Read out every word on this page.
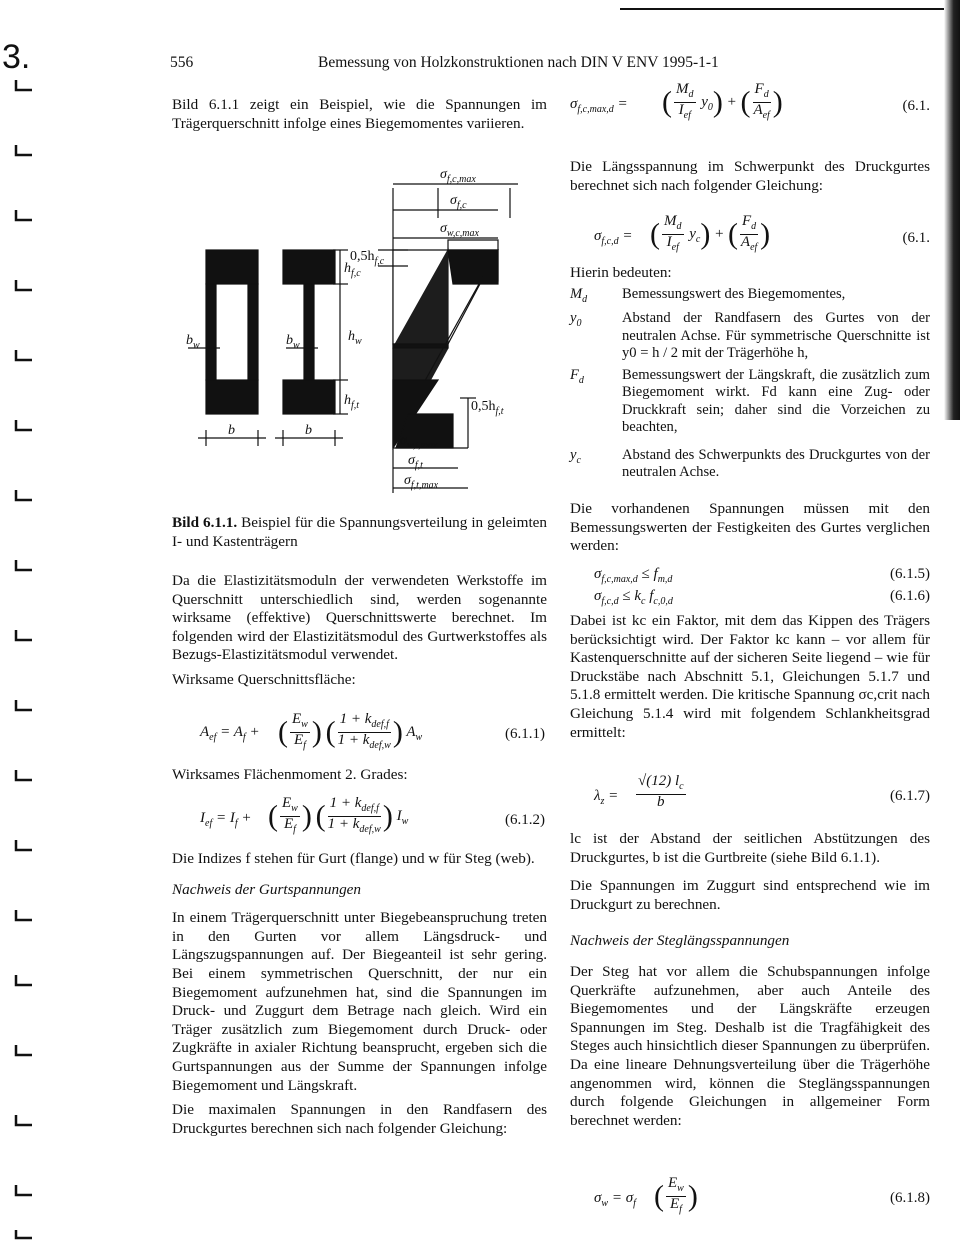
3.	556	Bemessung von Holzkonstruktionen nach DIN V ENV 1995-1-1

Bild 6.1.1 zeigt ein Beispiel, wie die Spannungen im Trägerquerschnitt infolge eines Biegemomentes variieren.

$b_w$
b
$b_w$
b
$h_{f,c}$
$h_w$
$h_{f,t}$
$0,5h_{f,c}$
$0,5h_{f,t}$
$\sigma_{f,c,max}$
$\sigma_{f,c}$
$\sigma_{w,c,max}$
$\sigma_{w,t,max}$
$\sigma_{f,t}$
$\sigma_{f,t,max}$

Bild 6.1.1. Beispiel für die Spannungsverteilung in geleimten I- und Kastenträgern

Da die Elastizitätsmoduln der verwendeten Werkstoffe im Querschnitt unterschiedlich sind, werden sogenannte wirksame (effektive) Querschnittswerte berechnet. Im folgenden wird der Elastizitätsmodul des Gurtwerkstoffes als Bezugs-Elastizitätsmodul verwendet.

Wirksame Querschnittsfläche:

$A_{ef} = A_f$ + ( $\frac{E_w}{E_f}$ ) ( $\frac{1 + k_{def,f}}{1 + k_{def,w}}$ ) $A_w$	(6.1.1)
Wirksames Flächenmoment 2. Grades:
$I_{ef} = I_f$ + ( $\frac{E_w}{E_f}$ ) ( $\frac{1 + k_{def,f}}{1 + k_{def,w}}$ ) $I_w$	(6.1.2)

Die Indizes f stehen für Gurt (flange) und w für Steg (web).

Nachweis der Gurtspannungen

In einem Trägerquerschnitt unter Biegebeanspruchung treten in den Gurten vor allem Längsdruck- und Längszugspannungen auf. Der Biegeanteil ist sehr gering. Bei einem symmetrischen Querschnitt, der nur ein Biegemoment aufzunehmen hat, sind die Spannungen im Druck- und Zuggurt dem Betrage nach gleich. Wird ein Träger zusätzlich zum Biegemoment durch Druck- oder Zugkräfte in axialer Richtung beansprucht, ergeben sich die Gurtspannungen aus der Summe der Spannungen infolge Biegemoment und Längskraft.

Die maximalen Spannungen in den Randfasern des Druckgurtes berechnen sich nach folgender Gleichung:

$\sigma_{f,c,max,d}$ = ( $\frac{M_d}{I_{ef}} y_0$) + ( $\frac{F_d}{A_{ef}}$ )	(6.1.
Die Längsspannung im Schwerpunkt des Druckgurtes berechnet sich nach folgender Gleichung:
$\sigma_{f,c,d}$ = ( $\frac{M_d}{I_{ef}} y_c$) + ( $\frac{F_d}{A_{ef}}$ )	(6.1.
Hierin bedeuten:
$M_d$	Bemessungswert des Biegemomentes,
$y_0$	Abstand der Randfasern des Gurtes von der neutralen Achse. Für symmetrische Querschnitte ist y0 = h / 2 mit der Trägerhöhe h,
$F_d$	Bemessungswert der Längskraft, die zusätzlich zum Biegemoment wirkt. Fd kann eine Zug- oder Druckkraft sein; daher sind die Vorzeichen zu beachten,
$y_c$	Abstand des Schwerpunkts des Druckgurtes von der neutralen Achse.
Die vorhandenen Spannungen müssen mit den Bemessungswerten der Festigkeiten des Gurtes verglichen werden:
$\sigma_{f,c,max,d} \le f_{m,d}$	(6.1.5)
$\sigma_{f,c,d} \le k_c$ $f_{c,0,d}$	(6.1.6)
Dabei ist kc ein Faktor, mit dem das Kippen des Trägers berücksichtigt wird. Der Faktor kc kann – vor allem für Kastenquerschnitte auf der sicheren Seite liegend – wie für Druckstäbe nach Abschnitt 5.1, Gleichungen 5.1.7 und 5.1.8 ermittelt werden. Die kritische Spannung σc,crit nach Gleichung 5.1.4 wird mit folgendem Schlankheitsgrad ermittelt:
$\lambda_z = \frac{√(12) l_c}{b}$	(6.1.7)

lc ist der Abstand der seitlichen Abstützungen des Druckgurtes, b ist die Gurtbreite (siehe Bild 6.1.1).

Die Spannungen im Zuggurt sind entsprechend wie im Druckgurt zu berechnen.

Nachweis der Steglängsspannungen

Der Steg hat vor allem die Schubspannungen infolge Querkräfte aufzunehmen, aber auch Anteile des Biegemomentes und der Längskräfte erzeugen Spannungen im Steg. Deshalb ist die Tragfähigkeit des Steges auch hinsichtlich dieser Spannungen zu überprüfen. Da eine lineare Dehnungsverteilung über die Trägerhöhe angenommen wird, können die Steglängsspannungen durch folgende Gleichungen in allgemeiner Form berechnet werden:

$\sigma_w = \sigma_f$ ( $\frac{E_w}{E_f}$ )	(6.1.8)
